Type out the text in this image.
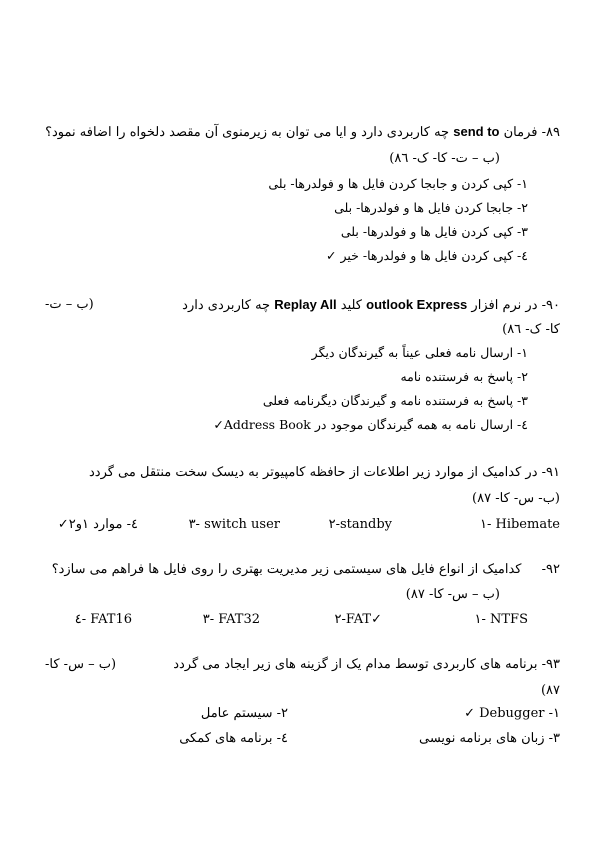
۸۹- فرمان send to چه کاربردی دارد و ایا می توان به زیرمنوی آن مقصد دلخواه را اضافه نمود؟
(ب – ت- کا- ک- ۸٦)
١- کپی کردن و جابجا کردن فایل ها و فولدرها- بلی
٢- جابجا کردن فایل ها و فولدرها- بلی
٣- کپی کردن فایل ها و فولدرها- بلی
٤- کپی کردن فایل ها و فولدرها- خیر ✓
۹۰- در نرم افزار outlook Express کلید Replay All چه کاربردی دارد
(ب – ت-
کا- ک- ۸٦)
١- ارسال نامه فعلی عیناً به گیرندگان دیگر
٢- پاسخ به فرستنده نامه
٣- پاسخ به فرستنده نامه و گیرندگان دیگرنامه فعلی
٤- ارسال نامه به همه گیرندگان موجود در Address Book✓
۹۱- در کدامیک از موارد زیر اطلاعات از حافظه کامپیوتر به دیسک سخت منتقل می گردد
(ب- س- کا- ۸۷)
Hibemate -١
standby-٢
switch user -٣
٤- موارد ١و٢✓
۹۲- کدامیک از انواع فایل های سیستمی زیر مدیریت بهتری را روی فایل ها فراهم می سازد؟
(ب – س- کا- ۸۷)
NTFS -١
✓FAT-٢
FAT32 -٣
FAT16 -٤
۹۳- برنامه های کاربردی توسط مدام یک از گزینه های زیر ایجاد می گردد
(ب – س- کا-
۸۷)
١- Debugger ✓
٢- سیستم عامل
٣- زبان های برنامه نویسی
٤- برنامه های کمکی
